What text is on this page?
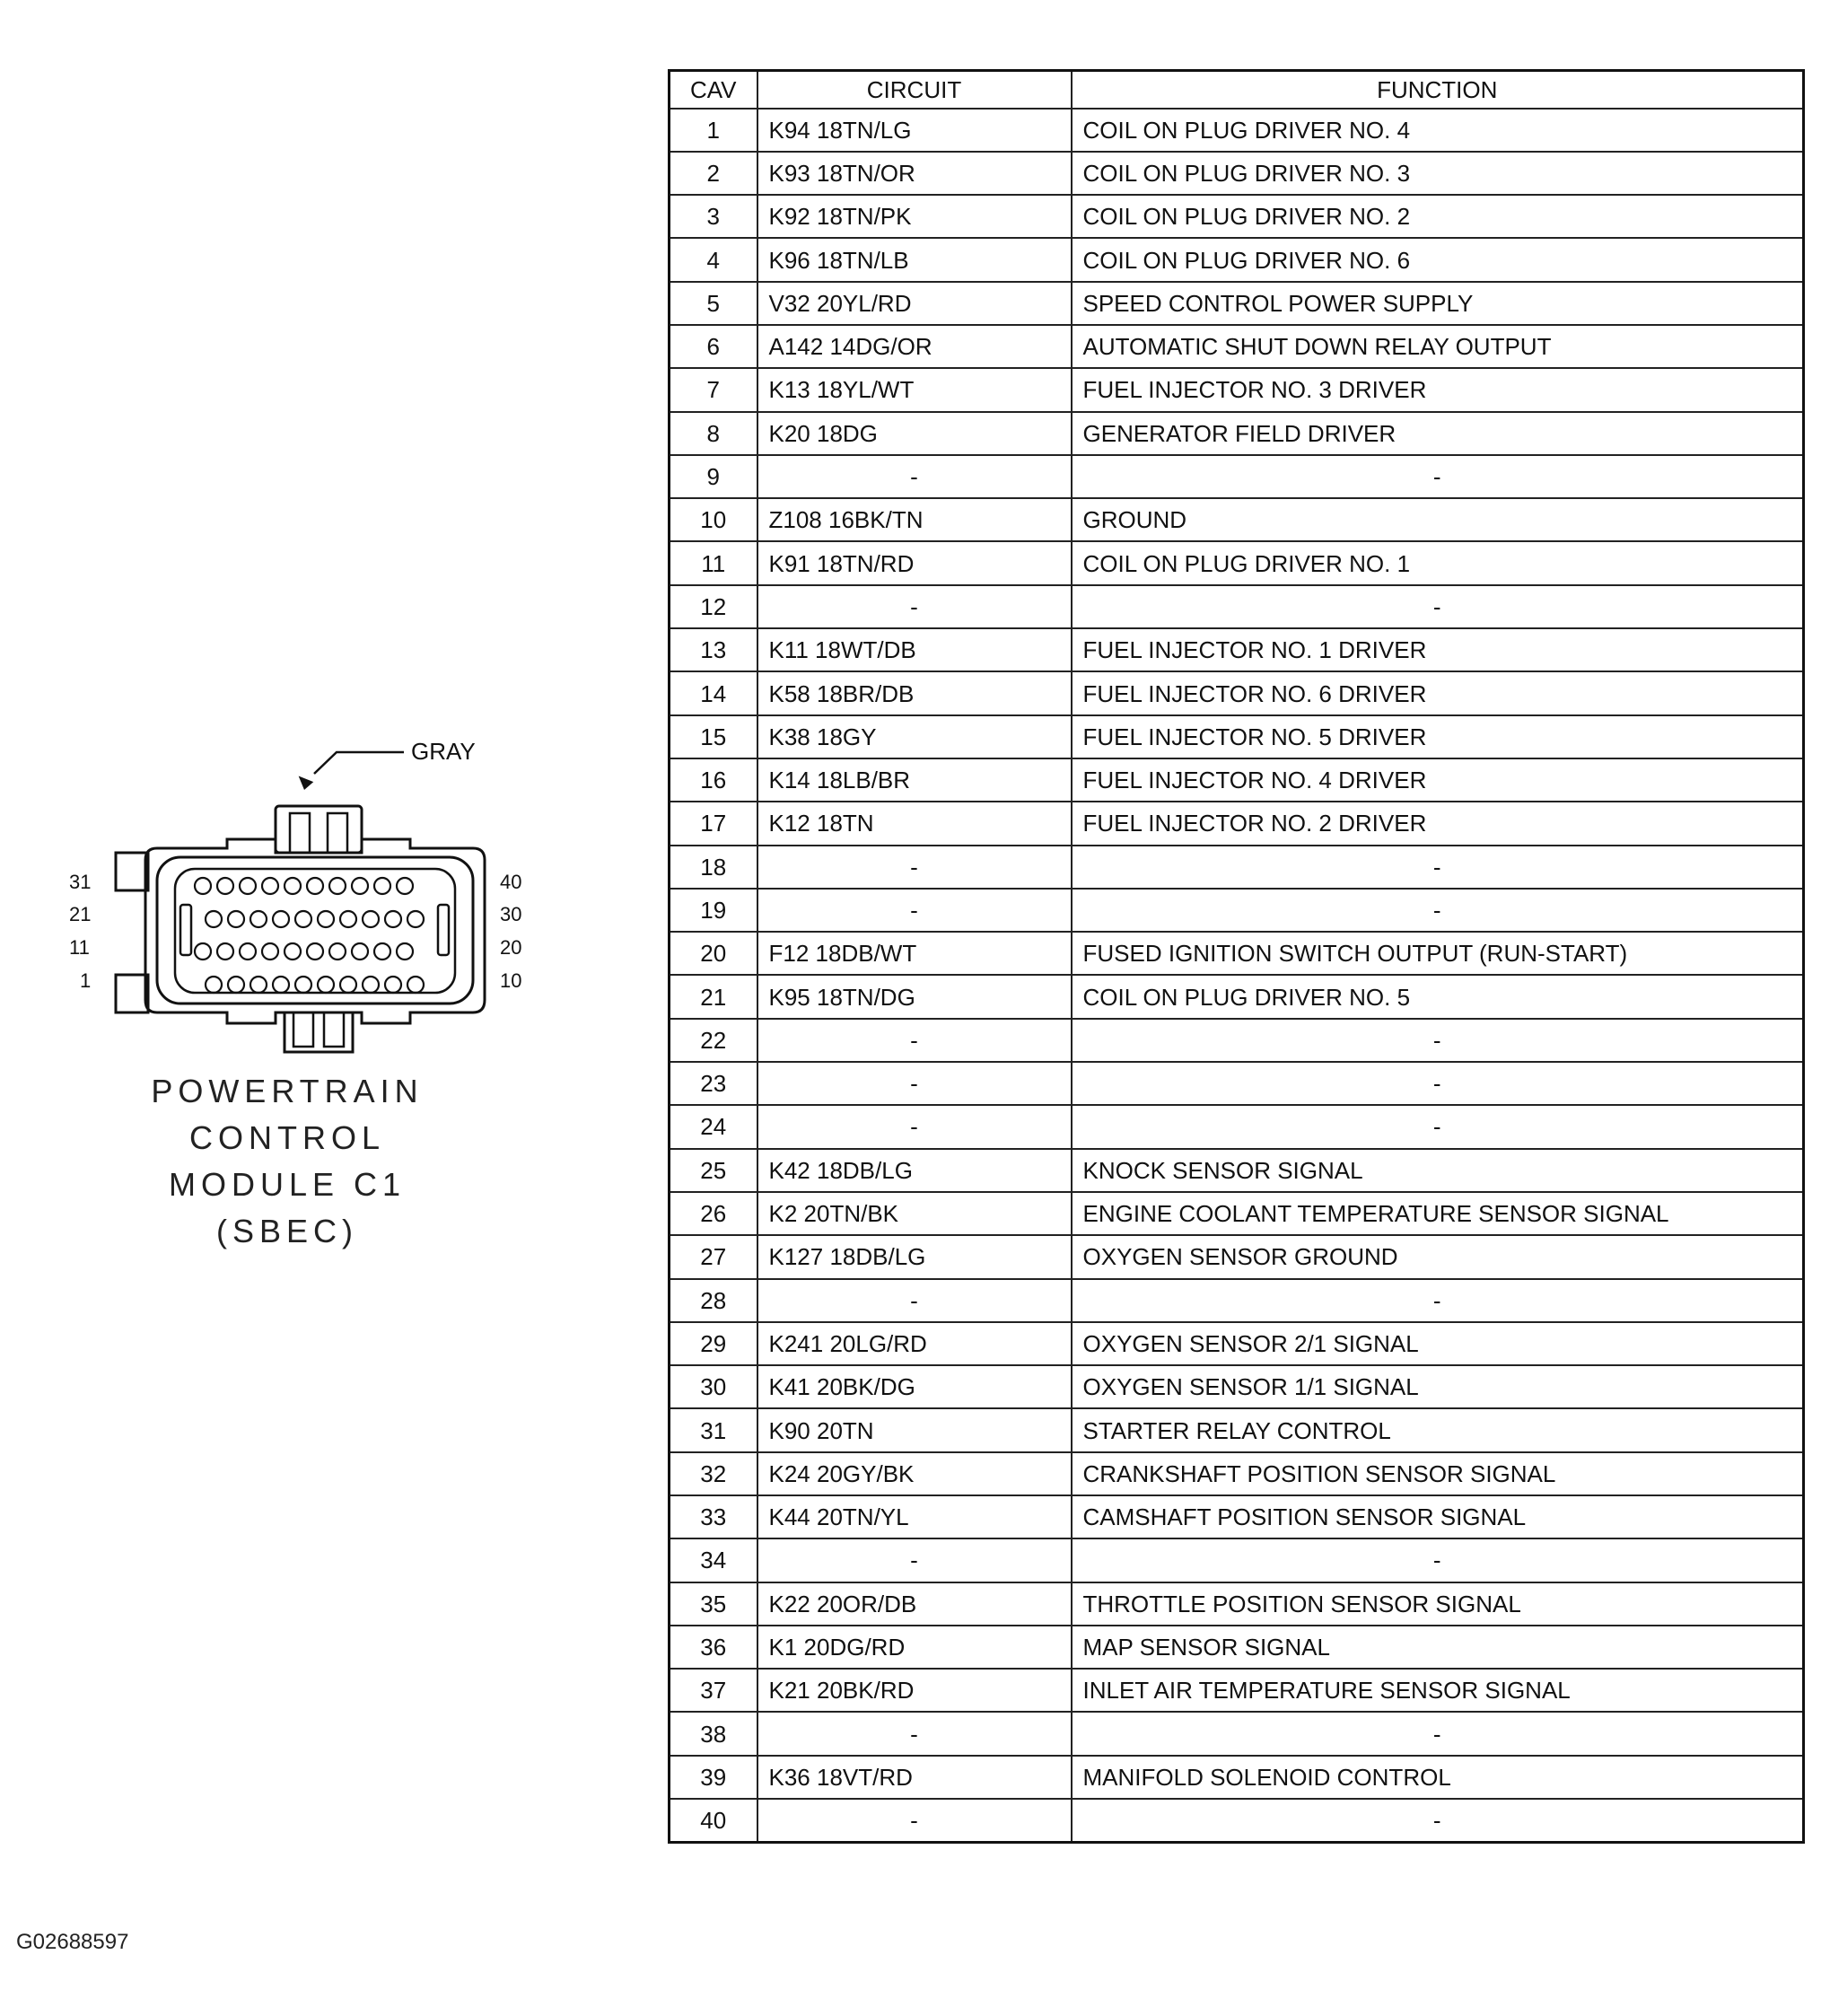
GRAY
31
21
11
1
40
30
20
10
POWERTRAIN
CONTROL
MODULE C1
(SBEC)
G02688597
CAV	CIRCUIT	FUNCTION
1	K94 18TN/LG	COIL ON PLUG DRIVER NO. 4
2	K93 18TN/OR	COIL ON PLUG DRIVER NO. 3
3	K92 18TN/PK	COIL ON PLUG DRIVER NO. 2
4	K96 18TN/LB	COIL ON PLUG DRIVER NO. 6
5	V32 20YL/RD	SPEED CONTROL POWER SUPPLY
6	A142 14DG/OR	AUTOMATIC SHUT DOWN RELAY OUTPUT
7	K13 18YL/WT	FUEL INJECTOR NO. 3 DRIVER
8	K20 18DG	GENERATOR FIELD DRIVER
9	-	-
10	Z108 16BK/TN	GROUND
11	K91 18TN/RD	COIL ON PLUG DRIVER NO. 1
12	-	-
13	K11 18WT/DB	FUEL INJECTOR NO. 1 DRIVER
14	K58 18BR/DB	FUEL INJECTOR NO. 6 DRIVER
15	K38 18GY	FUEL INJECTOR NO. 5 DRIVER
16	K14 18LB/BR	FUEL INJECTOR NO. 4 DRIVER
17	K12 18TN	FUEL INJECTOR NO. 2 DRIVER
18	-	-
19	-	-
20	F12 18DB/WT	FUSED IGNITION SWITCH OUTPUT (RUN-START)
21	K95 18TN/DG	COIL ON PLUG DRIVER NO. 5
22	-	-
23	-	-
24	-	-
25	K42 18DB/LG	KNOCK SENSOR SIGNAL
26	K2 20TN/BK	ENGINE COOLANT TEMPERATURE SENSOR SIGNAL
27	K127 18DB/LG	OXYGEN SENSOR GROUND
28	-	-
29	K241 20LG/RD	OXYGEN SENSOR 2/1 SIGNAL
30	K41 20BK/DG	OXYGEN SENSOR 1/1 SIGNAL
31	K90 20TN	STARTER RELAY CONTROL
32	K24 20GY/BK	CRANKSHAFT POSITION SENSOR SIGNAL
33	K44 20TN/YL	CAMSHAFT POSITION SENSOR SIGNAL
34	-	-
35	K22 20OR/DB	THROTTLE POSITION SENSOR SIGNAL
36	K1 20DG/RD	MAP SENSOR SIGNAL
37	K21 20BK/RD	INLET AIR TEMPERATURE SENSOR SIGNAL
38	-	-
39	K36 18VT/RD	MANIFOLD SOLENOID CONTROL
40	-	-
